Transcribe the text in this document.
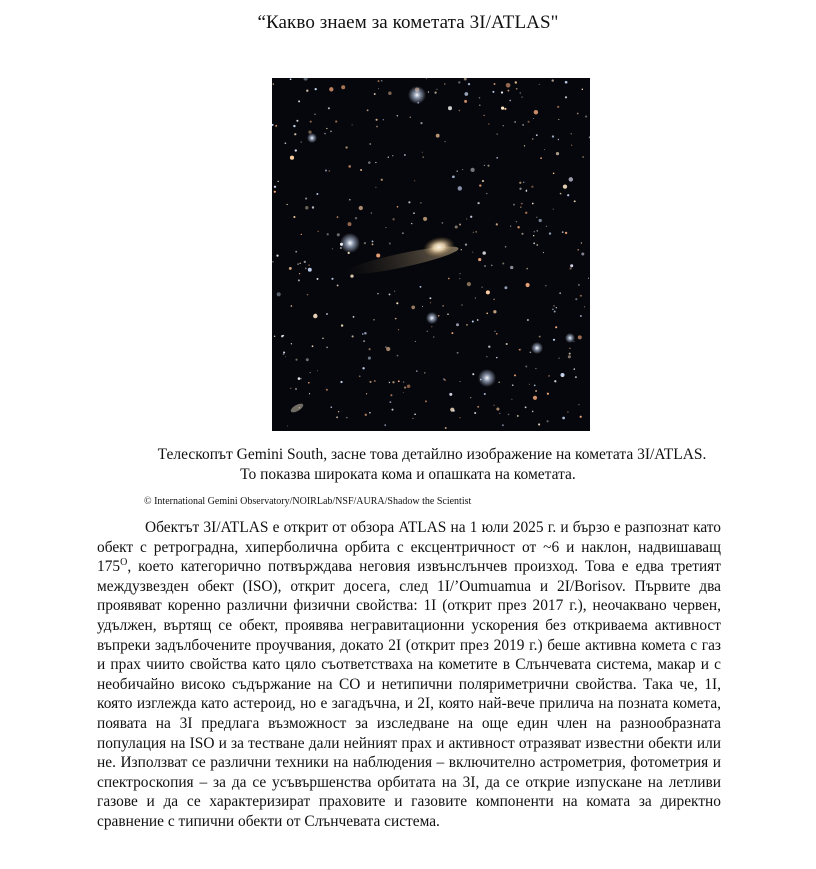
“Какво знаем за кометата 3I/ATLAS"
Телескопът Gemini South, засне това детайлно изображение на кометата 3I/ATLAS.
То показва широката кома и опашката на кометата.
© International Gemini Observatory/NOIRLab/NSF/AURA/Shadow the Scientist

Обектът 3I/ATLAS е открит от обзора ATLAS на 1 юли 2025 г. и бързо е разпознат като обект с ретроградна, хиперболична орбита с ексцентричност от ~6 и наклон, надвишаващ $175^O$, което категорично потвърждава неговия извънслънчев произход. Това е едва третият междузвезден обект (ISO), открит досега, след 1I/’Oumuamua и 2I/Borisov. Първите два проявяват коренно различни физични свойства: 1I (открит през 2017 г.), неочаквано червен, удължен, въртящ се обект, проявява негравитационни ускорения без откриваема активност въпреки задълбочените проучвания, докато 2I (открит през 2019 г.) беше активна комета с газ и прах чиито свойства като цяло съответстваха на кометите в Слънчевата система, макар и с необичайно високо съдържание на CO и нетипични поляриметрични свойства. Така че, 1I, която изглежда като астероид, но е загадъчна, и 2I, която най-вече прилича на позната комета, появата на 3I предлага възможност за изследване на още един член на разнообразната популация на ISO и за тестване дали нейният прах и активност отразяват известни обекти или не. Използват се различни техники на наблюдения – включително астрометрия, фотометрия и спектроскопия – за да се усъвършенства орбитата на 3I, да се открие изпускане на летливи газове и да се характеризират праховите и газовите компоненти на комата за директно сравнение с типични обекти от Слънчевата система.
